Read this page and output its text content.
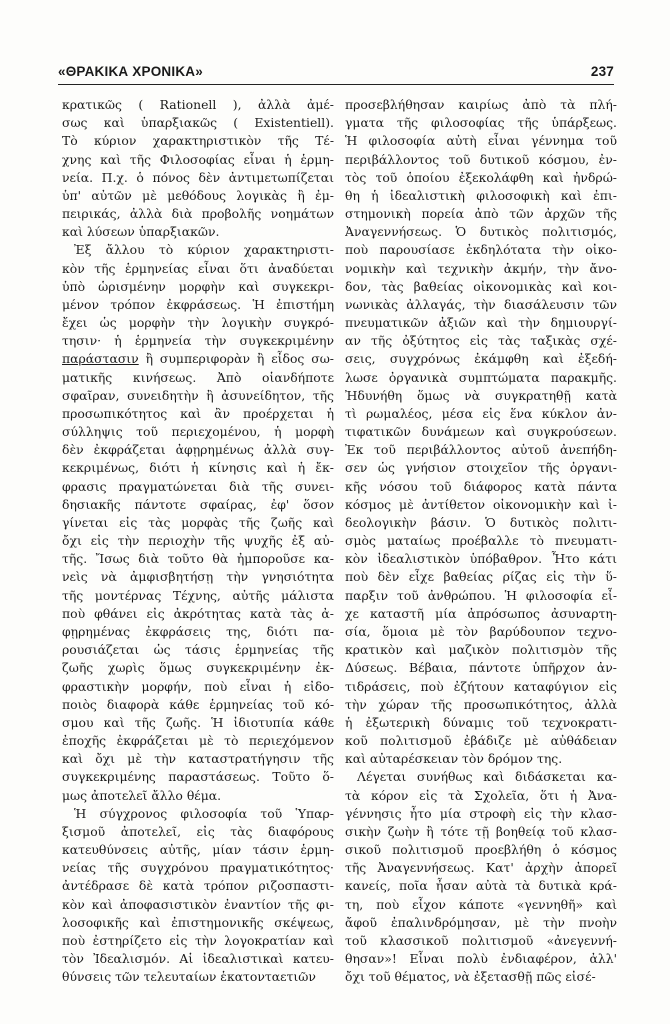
«ΘΡΑΚΙΚΑ ΧΡΟΝΙΚΑ»	237
κρατικῶς ( Rationell ), ἀλλὰ ἀμέ-
σως καὶ ὑπαρξιακῶς ( Existentiell).
Τὸ κύριον χαρακτηριστικὸν τῆς Τέ-
χνης καὶ τῆς Φιλοσοφίας εἶναι ἡ ἑρμη-
νεία. Π.χ. ὁ πόνος δὲν ἀντιμετωπίζεται
ὑπ' αὐτῶν μὲ μεθόδους λογικὰς ἢ ἐμ-
πειρικάς, ἀλλὰ διὰ προβολῆς νοημάτων
καὶ λύσεων ὑπαρξιακῶν.
Ἐξ ἄλλου τὸ κύριον χαρακτηριστι-
κὸν τῆς ἑρμηνείας εἶναι ὅτι ἀναδύεται
ὑπὸ ὡρισμένην μορφὴν καὶ συγκεκρι-
μένον τρόπον ἐκφράσεως. Ἡ ἐπιστήμη
ἔχει ὡς μορφὴν τὴν λογικὴν συγκρό-
τησιν· ἡ ἑρμηνεία τὴν συγκεκριμένην
παράστασιν ἢ συμπεριφορὰν ἢ εἶδος σω-
ματικῆς κινήσεως. Ἀπὸ οἱανδήποτε
σφαῖραν, συνειδητὴν ἢ ἀσυνείδητον, τῆς
προσωπικότητος καὶ ἂν προέρχεται ἡ
σύλληψις τοῦ περιεχομένου, ἡ μορφὴ
δὲν ἐκφράζεται ἀφῃρημένως ἀλλὰ συγ-
κεκριμένως, διότι ἡ κίνησις καὶ ἡ ἔκ-
φρασις πραγματώνεται διὰ τῆς συνει-
δησιακῆς πάντοτε σφαίρας, ἐφ' ὅσον
γίνεται εἰς τὰς μορφὰς τῆς ζωῆς καὶ
ὄχι εἰς τὴν περιοχὴν τῆς ψυχῆς ἐξ αὐ-
τῆς. Ἴσως διὰ τοῦτο θὰ ἠμποροῦσε κα-
νεὶς νὰ ἀμφισβητήσῃ τὴν γνησιότητα
τῆς μοντέρνας Τέχνης, αὐτῆς μάλιστα
ποὺ φθάνει εἰς ἀκρότητας κατὰ τὰς ἀ-
φῃρημένας ἐκφράσεις της, διότι πα-
ρουσιάζεται ὡς τάσις ἑρμηνείας τῆς
ζωῆς χωρὶς ὅμως συγκεκριμένην ἐκ-
φραστικὴν μορφήν, ποὺ εἶναι ἡ εἰδο-
ποιὸς διαφορὰ κάθε ἑρμηνείας τοῦ κό-
σμου καὶ τῆς ζωῆς. Ἡ ἰδιοτυπία κάθε
ἐποχῆς ἐκφράζεται μὲ τὸ περιεχόμενον
καὶ ὄχι μὲ τὴν καταστρατήγησιν τῆς
συγκεκριμένης παραστάσεως. Τοῦτο ὅ-
μως ἀποτελεῖ ἄλλο θέμα.
Ἡ σύγχρονος φιλοσοφία τοῦ Ὑπαρ-
ξισμοῦ ἀποτελεῖ, εἰς τὰς διαφόρους
κατευθύνσεις αὐτῆς, μίαν τάσιν ἑρμη-
νείας τῆς συγχρόνου πραγματικότητος·
ἀντέδρασε δὲ κατὰ τρόπον ριζοσπαστι-
κὸν καὶ ἀποφασιστικὸν ἐναντίον τῆς φι-
λοσοφικῆς καὶ ἐπιστημονικῆς σκέψεως,
ποὺ ἐστηρίζετο εἰς τὴν λογοκρατίαν καὶ
τὸν Ἰδεαλισμόν. Αἱ ἰδεαλιστικαὶ κατευ-
θύνσεις τῶν τελευταίων ἑκατονταετιῶν
προσεβλήθησαν καιρίως ἀπὸ τὰ πλή-
γματα τῆς φιλοσοφίας τῆς ὑπάρξεως.
Ἡ φιλοσοφία αὐτὴ εἶναι γέννημα τοῦ
περιβάλλοντος τοῦ δυτικοῦ κόσμου, ἐν-
τὸς τοῦ ὁποίου ἐξεκολάφθη καὶ ἠνδρώ-
θη ἡ ἰδεαλιστικὴ φιλοσοφικὴ καὶ ἐπι-
στημονικὴ πορεία ἀπὸ τῶν ἀρχῶν τῆς
Ἀναγεννήσεως. Ὁ δυτικὸς πολιτισμός,
ποὺ παρουσίασε ἐκδηλότατα τὴν οἰκο-
νομικὴν καὶ τεχνικὴν ἀκμήν, τὴν ἄνο-
δον, τὰς βαθείας οἰκονομικὰς καὶ κοι-
νωνικὰς ἀλλαγάς, τὴν διασάλευσιν τῶν
πνευματικῶν ἀξιῶν καὶ τὴν δημιουργί-
αν τῆς ὀξύτητος εἰς τὰς ταξικὰς σχέ-
σεις, συγχρόνως ἐκάμφθη καὶ ἐξεδή-
λωσε ὀργανικὰ συμπτώματα παρακμῆς.
Ἠδυνήθη ὅμως νὰ συγκρατηθῇ κατὰ
τὶ ρωμαλέος, μέσα εἰς ἕνα κύκλον ἀν-
τιφατικῶν δυνάμεων καὶ συγκρούσεων.
Ἐκ τοῦ περιβάλλοντος αὐτοῦ ἀνεπήδη-
σεν ὡς γνήσιον στοιχεῖον τῆς ὀργανι-
κῆς νόσου τοῦ διάφορος κατὰ πάντα
κόσμος μὲ ἀντίθετον οἰκονομικὴν καὶ ἰ-
δεολογικὴν βάσιν. Ὁ δυτικὸς πολιτι-
σμὸς ματαίως προέβαλλε τὸ πνευματι-
κὸν ἰδεαλιστικὸν ὑπόβαθρον. Ἦτο κάτι
ποὺ δὲν εἶχε βαθείας ρίζας εἰς τὴν ὕ-
παρξιν τοῦ ἀνθρώπου. Ἡ φιλοσοφία εἶ-
χε καταστῆ μία ἀπρόσωπος ἀσυναρτη-
σία, ὅμοια μὲ τὸν βαρύδουπον τεχνο-
κρατικὸν καὶ μαζικὸν πολιτισμὸν τῆς
Δύσεως. Βέβαια, πάντοτε ὑπῆρχον ἀν-
τιδράσεις, ποὺ ἐζήτουν καταφύγιον εἰς
τὴν χώραν τῆς προσωπικότητος, ἀλλὰ
ἡ ἐξωτερικὴ δύναμις τοῦ τεχνοκρατι-
κοῦ πολιτισμοῦ ἐβάδιζε μὲ αὐθάδειαν
καὶ αὐταρέσκειαν τὸν δρόμον της.
Λέγεται συνήθως καὶ διδάσκεται κα-
τὰ κόρον εἰς τὰ Σχολεῖα, ὅτι ἡ Ἀνα-
γέννησις ἦτο μία στροφὴ εἰς τὴν κλασ-
σικὴν ζωὴν ἢ τότε τῇ βοηθείᾳ τοῦ κλασ-
σικοῦ πολιτισμοῦ προεβλήθη ὁ κόσμος
τῆς Ἀναγεννήσεως. Κατ' ἀρχὴν ἀπορεῖ
κανείς, ποῖα ἦσαν αὐτὰ τὰ δυτικὰ κρά-
τη, ποὺ εἶχον κάποτε «γεννηθῆ» καὶ
ἄφοῦ ἐπαλινδρόμησαν, μὲ τὴν πνοὴν
τοῦ κλασσικοῦ πολιτισμοῦ «ἀνεγεννή-
θησαν»! Εἶναι πολὺ ἐνδιαφέρον, ἀλλ'
ὄχι τοῦ θέματος, νὰ ἐξετασθῇ πῶς εἰσέ-
